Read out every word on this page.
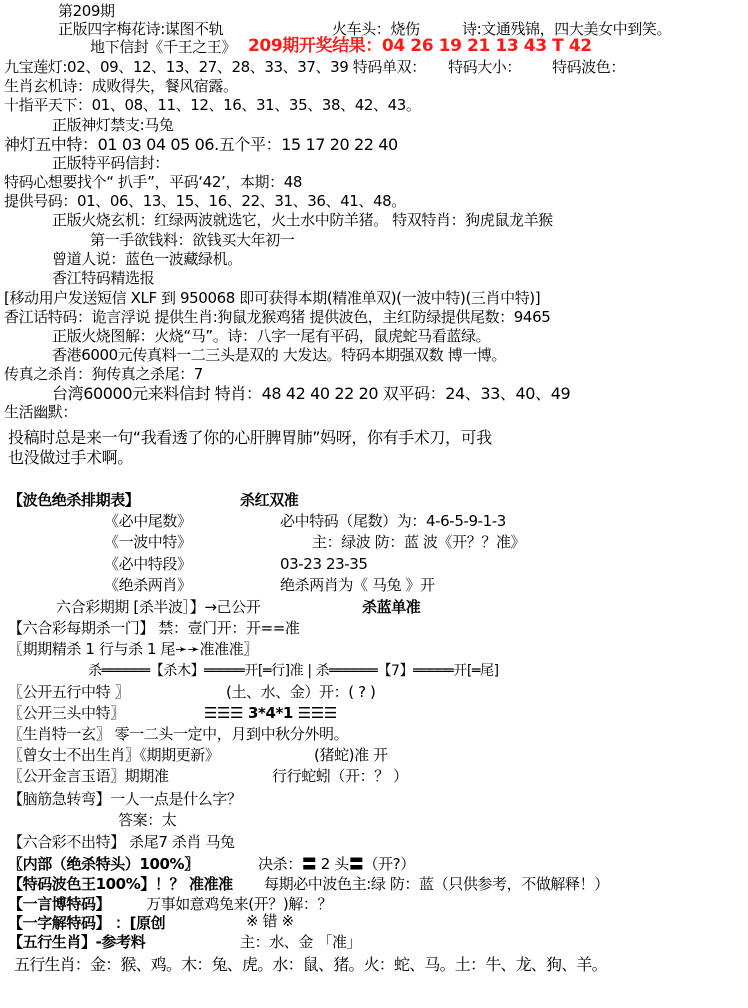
第209期
正版四字梅花诗:谋图不轨	火车头：烧伤	诗:文通残锦，四大美女中到笑。
地下信封《千王之王》 209期开奖结果：04 26 19 21 13 43 T 42
九宝莲灯:02、09、12、13、27、28、33、37、39 特码单双： 特码大小： 特码波色：
生肖玄机诗：成败得失，餐风宿露。
十指平天下：01、08、11、12、16、31、35、38、42、43。
正版神灯禁支:马兔
神灯五中特：01 03 04 05 06.五个平：15 17 20 22 40
正版特平码信封：
特码心想要找个“ 扒手”，平码‘42’，本期：48
提供号码：01、06、13、15、16、22、31、36、41、48。
正版火烧玄机：红绿两波就选它，火土水中防羊猪。 特双特肖：狗虎鼠龙羊猴
第一手欲钱料：欲钱买大年初一
曾道人说：蓝色一波藏绿机。
香江特码精选报
[移动用户发送短信 XLF 到 950068 即可获得本期(精准单双)(一波中特)(三肖中特)]
香江话特码：诡言浮说 提供生肖:狗鼠龙猴鸡猪 提供波色，主红防绿提供尾数：9465
正版火烧图解：火烧“马”。诗：八字一尾有平码，鼠虎蛇马看蓝绿。
香港6000元传真料一二三头是双的 大发达。特码本期强双数 博一博。
传真之杀肖：狗传真之杀尾：7
台湾60000元来料信封 特肖：48 42 40 22 20 双平码：24、33、40、49
生活幽默：
投稿时总是来一句“我看透了你的心肝脾胃肺”妈呀，你有手术刀，可我
也没做过手术啊。
【波色绝杀排期表】	杀红双准
《必中尾数》	必中特码（尾数）为：4-6-5-9-1-3
《一波中特》	主：绿波 防：蓝 波《开？？准》
《必中特段》	03-23 23-35
《绝杀两肖》	绝杀两肖为《 马兔 》开
六合彩期期 [杀半波］】→己公开	杀蓝单准
【六合彩每期杀一门】 禁：壹门开：开==准
〖期期精杀 1 行与杀 1 尾➛➛准准准〗
杀══════【杀木】═════开[═行]准 | 杀══════【7】═════开[═尾]
〖公开五行中特 〗	(土、水、金）开：( ? )
〖公开三头中特〗	☰☰☰ 3*4*1 ☰☰☰
〖生肖特一玄〗 零一二头一定中，月到中秋分外明。
〖曾女士不出生肖〗《期期更新》	(猪蛇)准 开
〖公开金言玉语〗期期准	行行蛇蚓（开：？ ）
【脑筋急转弯】一人一点是什么字？
答案：太
【六合彩不出特】 杀尾7 杀肖 马兔
〖内部（绝杀特头）100%〗	决杀：〓 2 头〓（开?）
【特码波色王100%】！？ 准准准 每期必中波色主:绿 防：蓝（只供参考，不做解释！）
【一言博特码】 万事如意鸡兔来(开？)解：？
【一字解特码】 ：[原创	※ 错 ※
【五行生肖】-参考料	主：水、金 「准」
五行生肖：金：猴、鸡。木：兔、虎。水：鼠、猪。火：蛇、马。土：牛、龙、狗、羊。
